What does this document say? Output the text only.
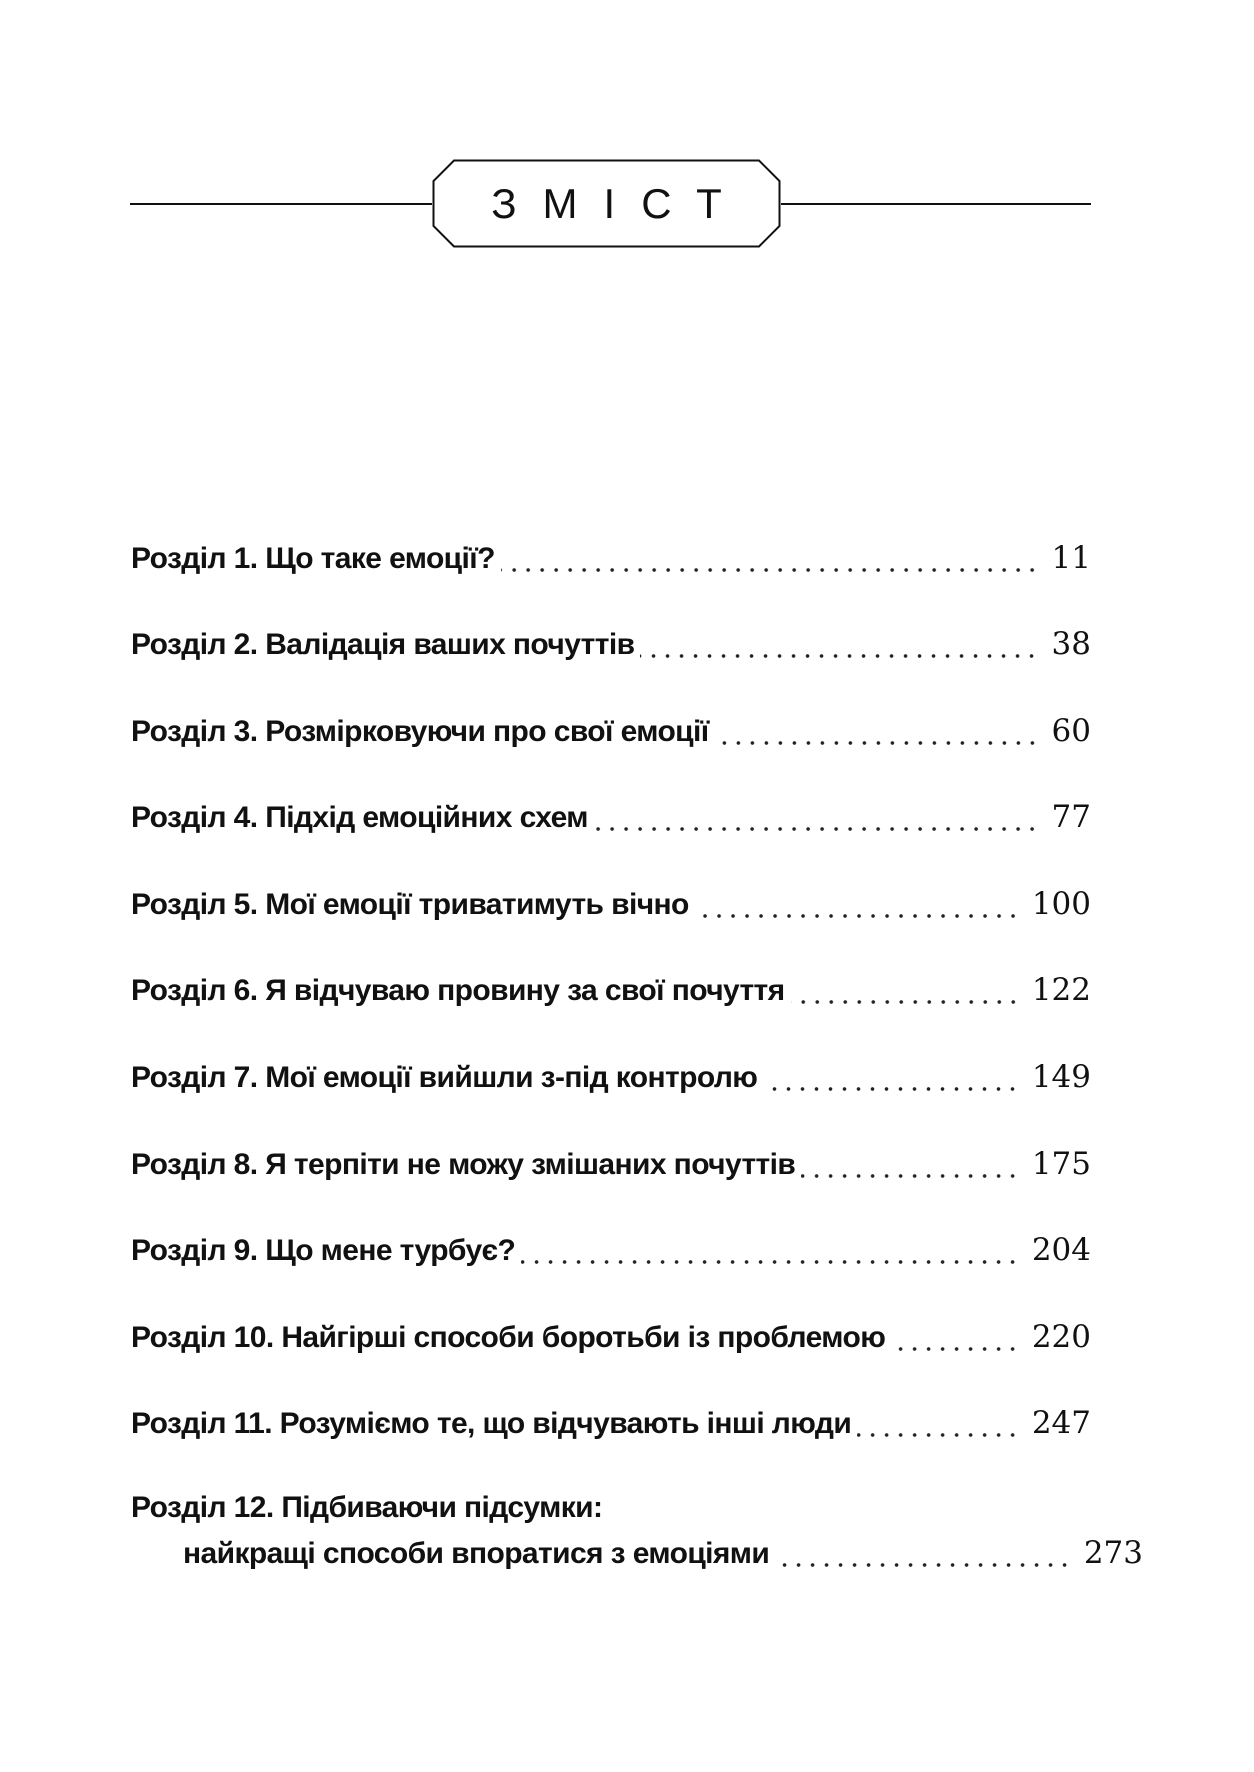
ЗМІСТ
Розділ 1. Що таке емоції?	11
Розділ 2. Валідація ваших почуттів	38
Розділ 3. Розмірковуючи про свої емоції	60
Розділ 4. Підхід емоційних схем	77
Розділ 5. Мої емоції триватимуть вічно	100
Розділ 6. Я відчуваю провину за свої почуття	122
Розділ 7. Мої емоції вийшли з-під контролю	149
Розділ 8. Я терпіти не можу змішаних почуттів	175
Розділ 9. Що мене турбує?	204
Розділ 10. Найгірші способи боротьби із проблемою	220
Розділ 11. Розуміємо те, що відчувають інші люди	247
Розділ 12. Підбиваючи підсумки:
найкращі способи впоратися з емоціями	273
